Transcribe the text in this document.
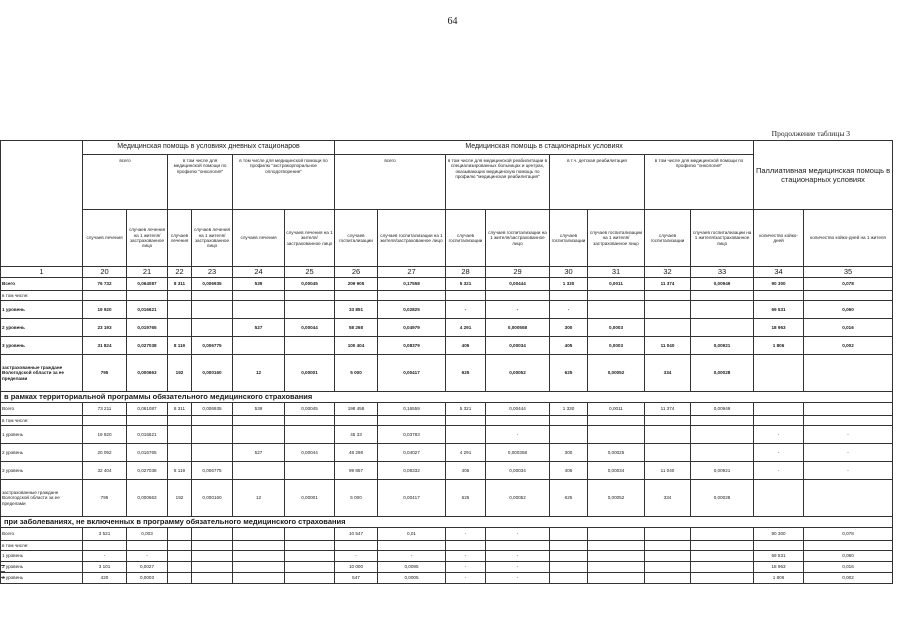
64
Продолжение таблицы 3
	Медицинская помощь в условиях дневных стационаров						Медицинская помощь в стационарных условиях								Паллиативная медицинская помощь в стационарных условиях	
	всего		в том числе для медицинской помощи по профилю "онкология"		в том числе для медицинской помощи по профилю "экстракорпоральное оплодотворение"		всего		в том числе для медицинской реабилитации в специализированных больницах и центрах, оказывающих медицинскую помощь по профилю "медицинская реабилитация"		в т.ч. детская реабилитация		в том числе для медицинской помощи по профилю "онкология"			
	случаев лечения	случаев лечения на 1 жителя/застрахованное лицо	случаев лечения	случаев лечения на 1 жителя/застрахованное лицо	случаев лечения	случаев лечения на 1 жителя/застрахованное лицо	случаев госпитализации	случаев госпитализации на 1 жителя/застрахованное лицо	случаев госпитализации	случаев госпитализации на 1 жителя/застрахованное лицо	случаев госпитализации	случаев госпитализации на 1 жителя/застрахованное лицо	случаев госпитализации	случаев госпитализации на 1 жителя/застрахованное лицо	количество койко-дней	количество койко-дней на 1 жителя
1	20	21	22	23	24	25	26	27	28	29	30	31	32	33	34	35
Всего	76 732	0,064087	8 311	0,006935	539	0,00045	209 905	0,17558	5 321	0,00444	1 330	0,0011	11 374	0,00949	90 300	0,078
в том числе:																
1 уровень	19 920	0,016621					33 851	0,02825	-	-	-				69 531	0,060
2 уровень	23 193	0,019765			527	0,00044	58 268	0,04979	4 291	0,000558	300	0,0003			18 963	0,016
3 уровень	31 824	0,027038	8 119	0,006775			100 404	0,08379	405	0,00034	405	0,0003	11 040	0,00921	1 806	0,002
застрахованные граждане Вологодской области за ее пределами	795	0,000663	192	0,000160	12	0,00001	5 000	0,00417	625	0,00052	625	0,00052	334	0,00028		
в рамках территориальной программы обязательного медицинского страхования																
Всего	73 211	0,061087	8 311	0,006935	539	0,00045	198 458	0,16559	5 321	0,00444	1 330	0,0011	11 374	0,00949		
в том числе:																
1 уровень	19 920	0,016621					45 33	0,03783		-					-	-
2 уровень	20 092	0,016765			527	0,00044	48 298	0,04027	4 291	0,000358	300	0,00025			-	-
3 уровень	32 404	0,027038	8 119	0,006775			99 857	0,08332	405	0,00034	405	0,00034	11 040	0,00921	-	-
застрахованные граждане Вологодской области за ее пределами	795	0,000663	192	0,000160	12	0,00001	5 000	0,00417	625	0,00052	625	0,00052	334	0,00028		
при заболеваниях, не включенных в программу обязательного медицинского страхования																
Всего	3 521	0,003					10 547	0,01	-	-					90 300	0,078
в том числе:																
1 уровень	-	-					-	-	-	-					69 531	0,060
2 уровень	3 101	0,0027					10 000	0,0095	-	-					18 963	0,016
3 уровень	420	0,0003					547	0,0005	-	-					1 806	0,002
